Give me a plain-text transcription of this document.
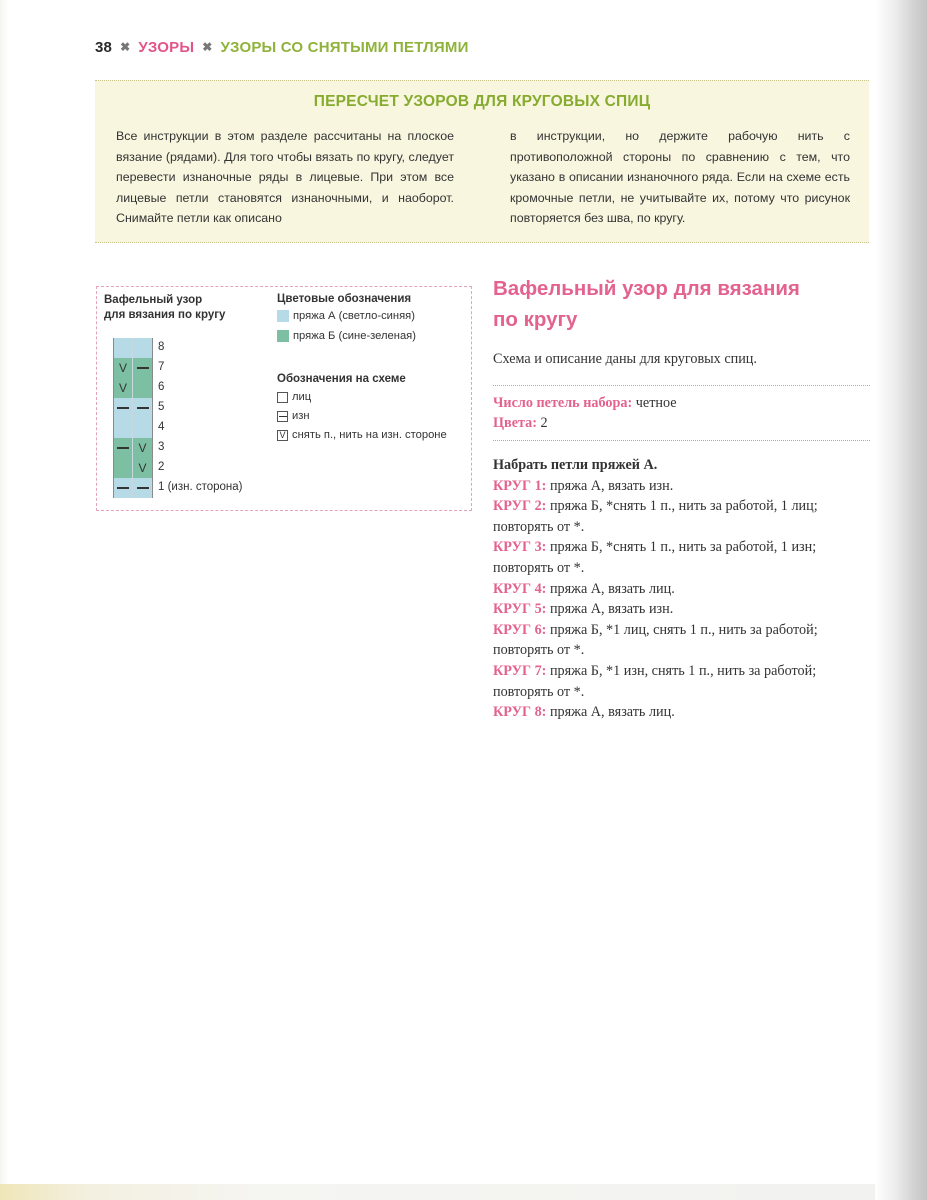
38 ✖ УЗОРЫ ✖ УЗОРЫ СО СНЯТЫМИ ПЕТЛЯМИ
ПЕРЕСЧЕТ УЗОРОВ ДЛЯ КРУГОВЫХ СПИЦ
Все инструкции в этом разделе рассчитаны на плоское вязание (рядами). Для того чтобы вязать по кругу, следует перевести изнаночные ряды в лицевые. При этом все лицевые петли становятся изнаночными, и наоборот. Снимайте петли как описано
в инструкции, но держите рабочую нить с противоположной стороны по сравнению с тем, что указано в описании изнаночного ряда. Если на схеме есть кромочные петли, не учитывайте их, потому что рисунок повторяется без шва, по кругу.
Вафельный узор
для вязания по кругу
V
V
V
V
8
7
6
5
4
3
2
1 (изн. сторона)
Цветовые обозначения
пряжа А (светло-синяя)
пряжа Б (сине-зеленая)
Обозначения на схеме
лиц
изн
V снять п., нить на изн. стороне
Вафельный узор для вязания
по кругу
Схема и описание даны для круговых спиц.
Число петель набора: четное
Цвета: 2

Набрать петли пряжей А.

КРУГ 1: пряжа А, вязать изн.

КРУГ 2: пряжа Б, *снять 1 п., нить за работой, 1 лиц; повторять от *.

КРУГ 3: пряжа Б, *снять 1 п., нить за работой, 1 изн; повторять от *.

КРУГ 4: пряжа А, вязать лиц.

КРУГ 5: пряжа А, вязать изн.

КРУГ 6: пряжа Б, *1 лиц, снять 1 п., нить за работой; повторять от *.

КРУГ 7: пряжа Б, *1 изн, снять 1 п., нить за работой; повторять от *.

КРУГ 8: пряжа А, вязать лиц.
